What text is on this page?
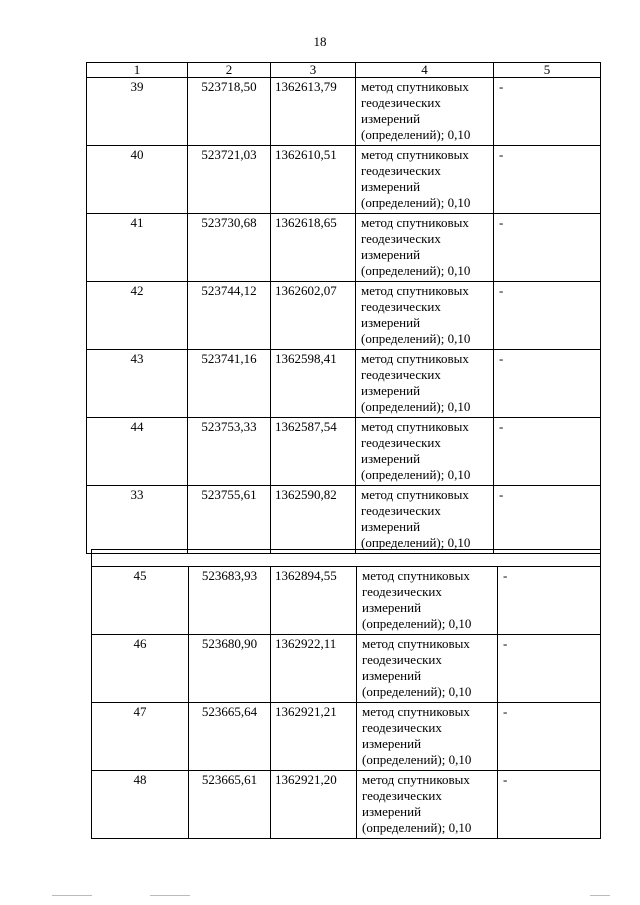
18
1	2	3	4	5
39	523718,50	1362613,79	метод спутниковых
геодезических
измерений
(определений); 0,10	-
40	523721,03	1362610,51	метод спутниковых
геодезических
измерений
(определений); 0,10	-
41	523730,68	1362618,65	метод спутниковых
геодезических
измерений
(определений); 0,10	-
42	523744,12	1362602,07	метод спутниковых
геодезических
измерений
(определений); 0,10	-
43	523741,16	1362598,41	метод спутниковых
геодезических
измерений
(определений); 0,10	-
44	523753,33	1362587,54	метод спутниковых
геодезических
измерений
(определений); 0,10	-
33	523755,61	1362590,82	метод спутниковых
геодезических
измерений
(определений); 0,10	-

45	523683,93	1362894,55	метод спутниковых
геодезических
измерений
(определений); 0,10	-
46	523680,90	1362922,11	метод спутниковых
геодезических
измерений
(определений); 0,10	-
47	523665,64	1362921,21	метод спутниковых
геодезических
измерений
(определений); 0,10	-
48	523665,61	1362921,20	метод спутниковых
геодезических
измерений
(определений); 0,10	-
